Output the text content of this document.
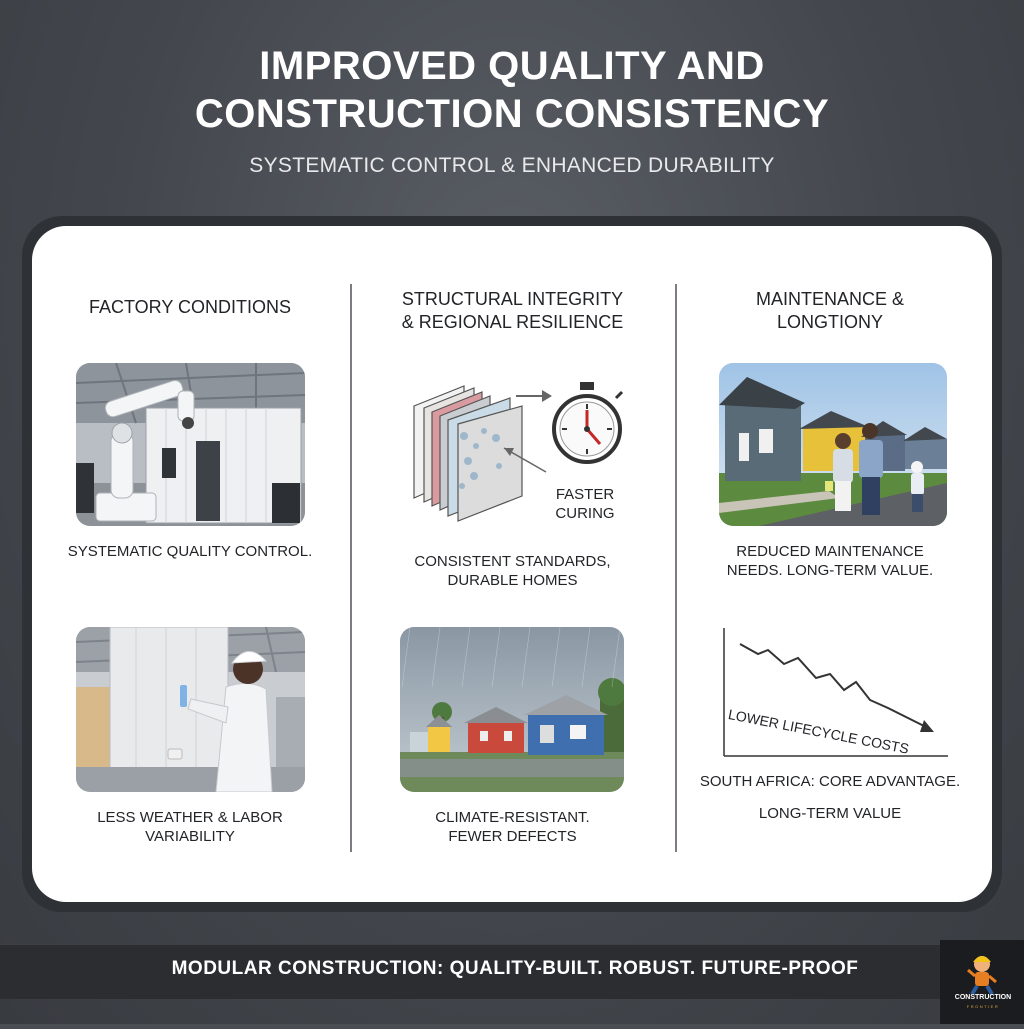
IMPROVED QUALITY AND
CONSTRUCTION CONSISTENCY
SYSTEMATIC CONTROL & ENHANCED DURABILITY
FACTORY CONDITIONS
SYSTEMATIC QUALITY CONTROL.
LESS WEATHER & LABOR
VARIABILITY
STRUCTURAL INTEGRITY
& REGIONAL RESILIENCE
FASTER
CURING
CONSISTENT STANDARDS,
DURABLE HOMES
CLIMATE-RESISTANT.
FEWER DEFECTS
MAINTENANCE &
LONGTIONY
REDUCED MAINTENANCE
NEEDS. LONG-TERM VALUE.
LOWER LIFECYCLE COSTS
SOUTH AFRICA: CORE ADVANTAGE.
LONG-TERM VALUE
MODULAR CONSTRUCTION: QUALITY-BUILT. ROBUST. FUTURE-PROOF
CONSTRUCTION
FRONTIER
